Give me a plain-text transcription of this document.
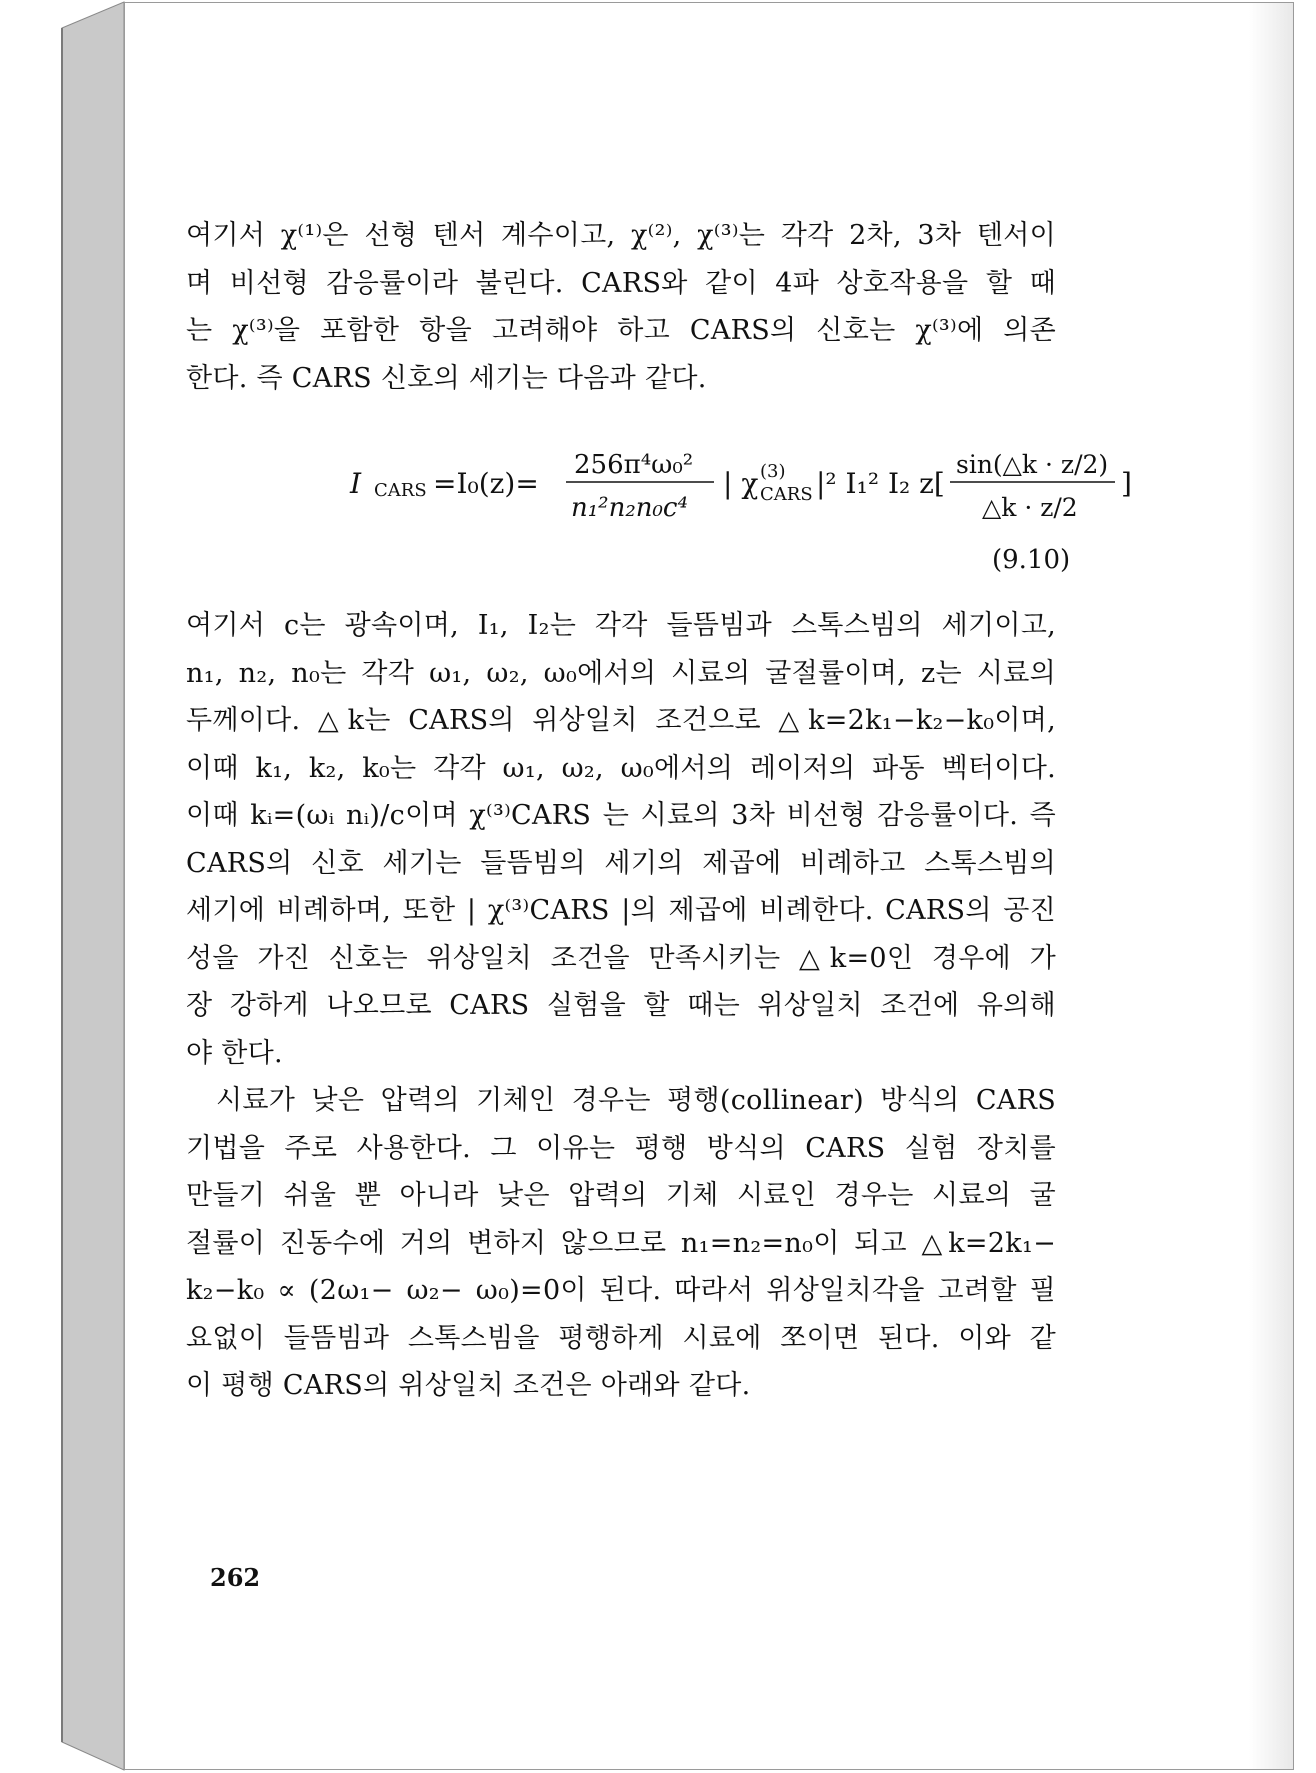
여기서 χ⁽¹⁾은 선형 텐서 계수이고, χ⁽²⁾, χ⁽³⁾는 각각 2차, 3차 텐서이
며 비선형 감응률이라 불린다. CARS와 같이 4파 상호작용을 할 때
는 χ⁽³⁾을 포함한 항을 고려해야 하고 CARS의 신호는 χ⁽³⁾에 의존
한다. 즉 CARS 신호의 세기는 다음과 같다.

I CARS =I₀(z)=
256π⁴ω₀²
n₁²n₂n₀c⁴
| χ (3)
CARS |² I₁² I₂ z[
sin(△k · z/2)
△k · z/2
]
(9.10)

여기서 c는 광속이며, I₁, I₂는 각각 들뜸빔과 스톡스빔의 세기이고,
n₁, n₂, n₀는 각각 ω₁, ω₂, ω₀에서의 시료의 굴절률이며, z는 시료의
두께이다. △k는 CARS의 위상일치 조건으로 △k=2k₁−k₂−k₀이며,
이때 k₁, k₂, k₀는 각각 ω₁, ω₂, ω₀에서의 레이저의 파동 벡터이다.
이때 kᵢ=(ωᵢ nᵢ)/c이며 χ⁽³⁾CARS 는 시료의 3차 비선형 감응률이다. 즉
CARS의 신호 세기는 들뜸빔의 세기의 제곱에 비례하고 스톡스빔의
세기에 비례하며, 또한 | χ⁽³⁾CARS |의 제곱에 비례한다. CARS의 공진
성을 가진 신호는 위상일치 조건을 만족시키는 △k=0인 경우에 가
장 강하게 나오므로 CARS 실험을 할 때는 위상일치 조건에 유의해
야 한다.

시료가 낮은 압력의 기체인 경우는 평행(collinear) 방식의 CARS
기법을 주로 사용한다. 그 이유는 평행 방식의 CARS 실험 장치를
만들기 쉬울 뿐 아니라 낮은 압력의 기체 시료인 경우는 시료의 굴
절률이 진동수에 거의 변하지 않으므로 n₁=n₂=n₀이 되고 △k=2k₁−
k₂−k₀ ∝ (2ω₁− ω₂− ω₀)=0이 된다. 따라서 위상일치각을 고려할 필
요없이 들뜸빔과 스톡스빔을 평행하게 시료에 쪼이면 된다. 이와 같
이 평행 CARS의 위상일치 조건은 아래와 같다.

262
